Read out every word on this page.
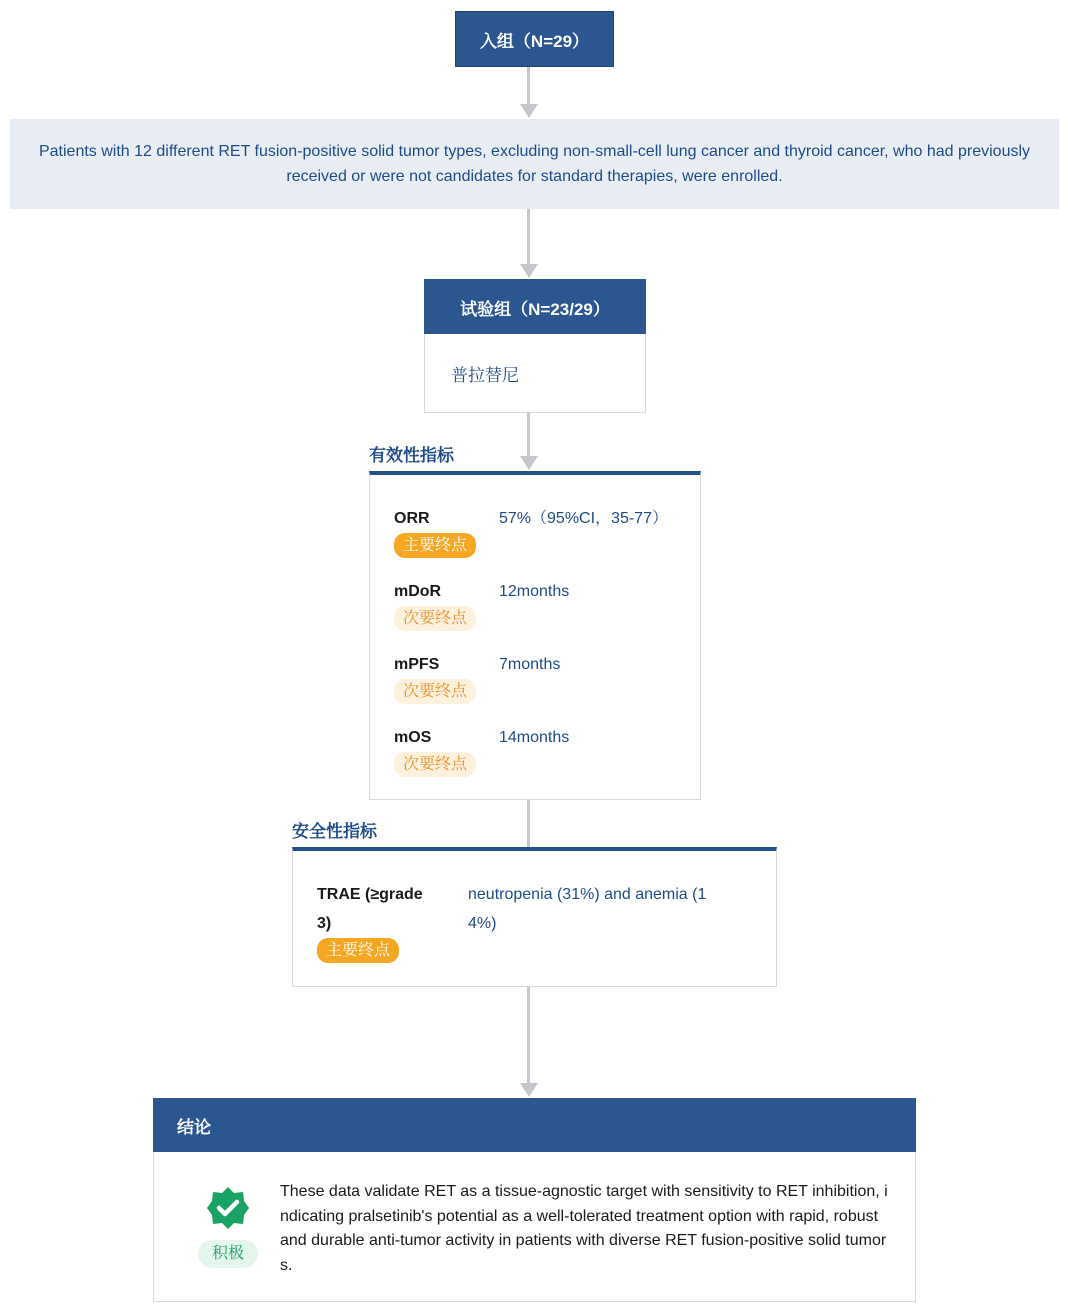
入组（N=29）
Patients with 12 different RET fusion-positive solid tumor types, excluding non-small-cell lung cancer and thyroid cancer, who had previously received or were not candidates for standard therapies, were enrolled.
试验组（N=23/29）
普拉替尼
有效性指标
ORR
主要终点
57%（95%CI，35-77）
mDoR
次要终点
12months
mPFS
次要终点
7months
mOS
次要终点
14months
安全性指标
TRAE (≥grade
3)
主要终点
neutropenia (31%) and anemia (1
4%)
结论
积极
These data validate RET as a tissue-agnostic target with sensitivity to RET inhibition, indicating pralsetinib's potential as a well-tolerated treatment option with rapid, robust and durable anti-tumor activity in patients with diverse RET fusion-positive solid tumors.
